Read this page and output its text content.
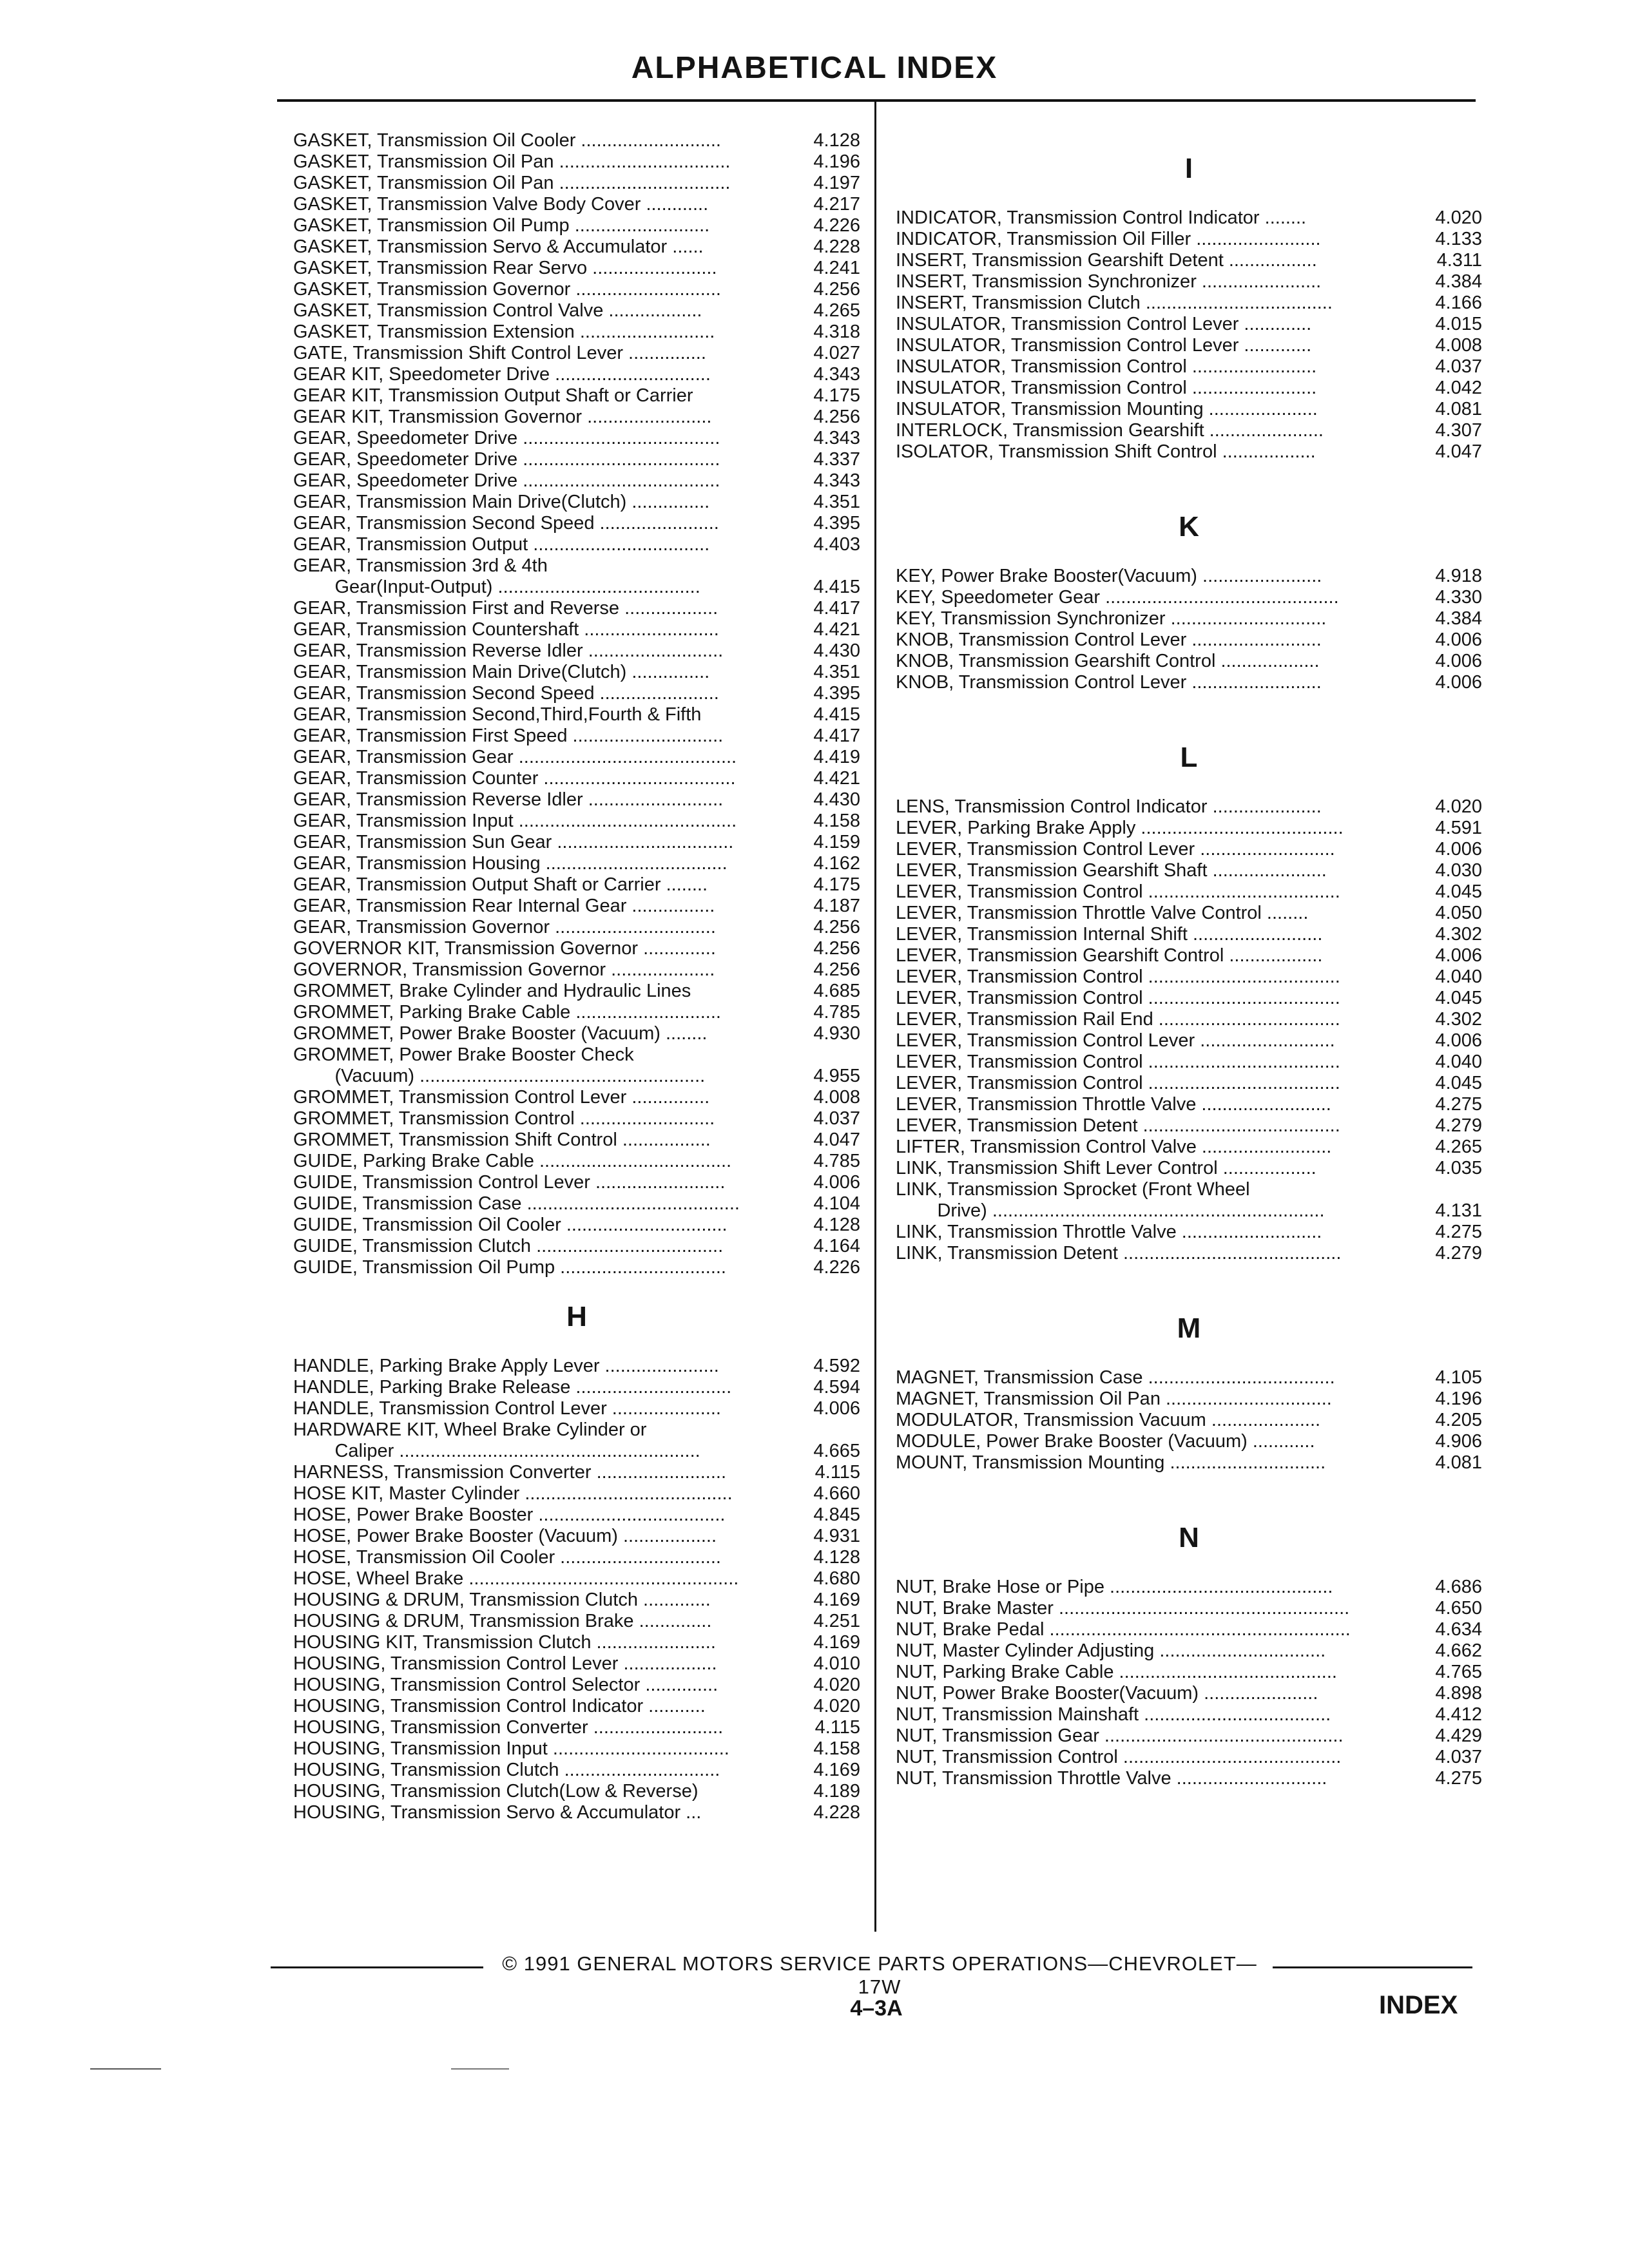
ALPHABETICAL INDEX
GASKET, Transmission Oil Cooler ...........................	4.128
GASKET, Transmission Oil Pan .................................	4.196
GASKET, Transmission Oil Pan .................................	4.197
GASKET, Transmission Valve Body Cover ............	4.217
GASKET, Transmission Oil Pump ..........................	4.226
GASKET, Transmission Servo & Accumulator ......	4.228
GASKET, Transmission Rear Servo ........................	4.241
GASKET, Transmission Governor ............................	4.256
GASKET, Transmission Control Valve ..................	4.265
GASKET, Transmission Extension ..........................	4.318
GATE, Transmission Shift Control Lever ...............	4.027
GEAR KIT, Speedometer Drive ..............................	4.343
GEAR KIT, Transmission Output Shaft or Carrier	4.175
GEAR KIT, Transmission Governor ........................	4.256
GEAR, Speedometer Drive ......................................	4.343
GEAR, Speedometer Drive ......................................	4.337
GEAR, Speedometer Drive ......................................	4.343
GEAR, Transmission Main Drive(Clutch) ...............	4.351
GEAR, Transmission Second Speed .......................	4.395
GEAR, Transmission Output ..................................	4.403
GEAR, Transmission 3rd & 4th
Gear(Input-Output) .......................................	4.415
GEAR, Transmission First and Reverse ..................	4.417
GEAR, Transmission Countershaft ..........................	4.421
GEAR, Transmission Reverse Idler ..........................	4.430
GEAR, Transmission Main Drive(Clutch) ...............	4.351
GEAR, Transmission Second Speed .......................	4.395
GEAR, Transmission Second,Third,Fourth & Fifth	4.415
GEAR, Transmission First Speed .............................	4.417
GEAR, Transmission Gear ..........................................	4.419
GEAR, Transmission Counter .....................................	4.421
GEAR, Transmission Reverse Idler ..........................	4.430
GEAR, Transmission Input ..........................................	4.158
GEAR, Transmission Sun Gear ..................................	4.159
GEAR, Transmission Housing ...................................	4.162
GEAR, Transmission Output Shaft or Carrier ........	4.175
GEAR, Transmission Rear Internal Gear ................	4.187
GEAR, Transmission Governor ...............................	4.256
GOVERNOR KIT, Transmission Governor ..............	4.256
GOVERNOR, Transmission Governor ....................	4.256
GROMMET, Brake Cylinder and Hydraulic Lines	4.685
GROMMET, Parking Brake Cable ............................	4.785
GROMMET, Power Brake Booster (Vacuum) ........	4.930
GROMMET, Power Brake Booster Check
(Vacuum) .......................................................	4.955
GROMMET, Transmission Control Lever ...............	4.008
GROMMET, Transmission Control ..........................	4.037
GROMMET, Transmission Shift Control .................	4.047
GUIDE, Parking Brake Cable .....................................	4.785
GUIDE, Transmission Control Lever .........................	4.006
GUIDE, Transmission Case .........................................	4.104
GUIDE, Transmission Oil Cooler ...............................	4.128
GUIDE, Transmission Clutch ....................................	4.164
GUIDE, Transmission Oil Pump ................................	4.226
H
HANDLE, Parking Brake Apply Lever ......................	4.592
HANDLE, Parking Brake Release ..............................	4.594
HANDLE, Transmission Control Lever .....................	4.006
HARDWARE KIT, Wheel Brake Cylinder or
Caliper ..........................................................	4.665
HARNESS, Transmission Converter .........................	4.115
HOSE KIT, Master Cylinder ........................................	4.660
HOSE, Power Brake Booster ....................................	4.845
HOSE, Power Brake Booster (Vacuum) ..................	4.931
HOSE, Transmission Oil Cooler ...............................	4.128
HOSE, Wheel Brake ....................................................	4.680
HOUSING & DRUM, Transmission Clutch .............	4.169
HOUSING & DRUM, Transmission Brake ..............	4.251
HOUSING KIT, Transmission Clutch .......................	4.169
HOUSING, Transmission Control Lever ..................	4.010
HOUSING, Transmission Control Selector ..............	4.020
HOUSING, Transmission Control Indicator ...........	4.020
HOUSING, Transmission Converter .........................	4.115
HOUSING, Transmission Input ..................................	4.158
HOUSING, Transmission Clutch ..............................	4.169
HOUSING, Transmission Clutch(Low & Reverse)	4.189
HOUSING, Transmission Servo & Accumulator ...	4.228
I
INDICATOR, Transmission Control Indicator ........	4.020
INDICATOR, Transmission Oil Filler ........................	4.133
INSERT, Transmission Gearshift Detent .................	4.311
INSERT, Transmission Synchronizer .......................	4.384
INSERT, Transmission Clutch ....................................	4.166
INSULATOR, Transmission Control Lever .............	4.015
INSULATOR, Transmission Control Lever .............	4.008
INSULATOR, Transmission Control ........................	4.037
INSULATOR, Transmission Control ........................	4.042
INSULATOR, Transmission Mounting .....................	4.081
INTERLOCK, Transmission Gearshift ......................	4.307
ISOLATOR, Transmission Shift Control ..................	4.047
K
KEY, Power Brake Booster(Vacuum) .......................	4.918
KEY, Speedometer Gear .............................................	4.330
KEY, Transmission Synchronizer ..............................	4.384
KNOB, Transmission Control Lever .........................	4.006
KNOB, Transmission Gearshift Control ...................	4.006
KNOB, Transmission Control Lever .........................	4.006
L
LENS, Transmission Control Indicator .....................	4.020
LEVER, Parking Brake Apply .......................................	4.591
LEVER, Transmission Control Lever ..........................	4.006
LEVER, Transmission Gearshift Shaft ......................	4.030
LEVER, Transmission Control .....................................	4.045
LEVER, Transmission Throttle Valve Control ........	4.050
LEVER, Transmission Internal Shift .........................	4.302
LEVER, Transmission Gearshift Control ..................	4.006
LEVER, Transmission Control .....................................	4.040
LEVER, Transmission Control .....................................	4.045
LEVER, Transmission Rail End ...................................	4.302
LEVER, Transmission Control Lever ..........................	4.006
LEVER, Transmission Control .....................................	4.040
LEVER, Transmission Control .....................................	4.045
LEVER, Transmission Throttle Valve .........................	4.275
LEVER, Transmission Detent ......................................	4.279
LIFTER, Transmission Control Valve .........................	4.265
LINK, Transmission Shift Lever Control ..................	4.035
LINK, Transmission Sprocket (Front Wheel
Drive) ................................................................	4.131
LINK, Transmission Throttle Valve ...........................	4.275
LINK, Transmission Detent ..........................................	4.279
M
MAGNET, Transmission Case ....................................	4.105
MAGNET, Transmission Oil Pan ................................	4.196
MODULATOR, Transmission Vacuum .....................	4.205
MODULE, Power Brake Booster (Vacuum) ............	4.906
MOUNT, Transmission Mounting ..............................	4.081
N
NUT, Brake Hose or Pipe ...........................................	4.686
NUT, Brake Master ........................................................	4.650
NUT, Brake Pedal ..........................................................	4.634
NUT, Master Cylinder Adjusting ................................	4.662
NUT, Parking Brake Cable ..........................................	4.765
NUT, Power Brake Booster(Vacuum) ......................	4.898
NUT, Transmission Mainshaft ....................................	4.412
NUT, Transmission Gear ..............................................	4.429
NUT, Transmission Control ..........................................	4.037
NUT, Transmission Throttle Valve .............................	4.275
© 1991 GENERAL MOTORS SERVICE PARTS OPERATIONS—CHEVROLET—17W
4–3A	INDEX
